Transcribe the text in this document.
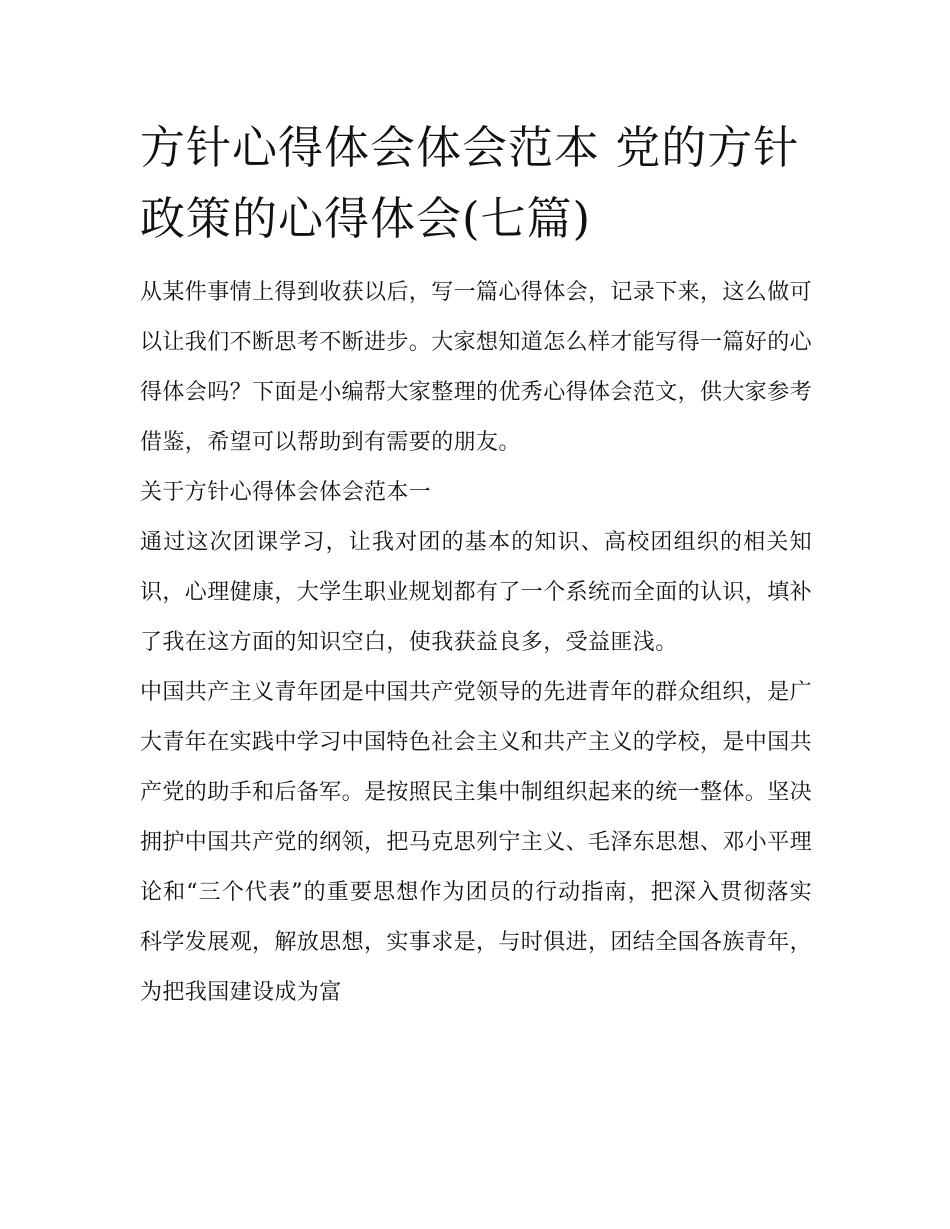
方针心得体会体会范本 党的方针政策的心得体会(七篇)

从某件事情上得到收获以后，写一篇心得体会，记录下来，这么做可以让我们不断思考不断进步。大家想知道怎么样才能写得一篇好的心得体会吗？下面是小编帮大家整理的优秀心得体会范文，供大家参考借鉴，希望可以帮助到有需要的朋友。

关于方针心得体会体会范本一

通过这次团课学习，让我对团的基本的知识、高校团组织的相关知识，心理健康，大学生职业规划都有了一个系统而全面的认识，填补了我在这方面的知识空白，使我获益良多，受益匪浅。

中国共产主义青年团是中国共产党领导的先进青年的群众组织，是广大青年在实践中学习中国特色社会主义和共产主义的学校，是中国共产党的助手和后备军。是按照民主集中制组织起来的统一整体。坚决拥护中国共产党的纲领，把马克思列宁主义、毛泽东思想、邓小平理论和“三个代表”的重要思想作为团员的行动指南，把深入贯彻落实科学发展观，解放思想，实事求是，与时俱进，团结全国各族青年，为把我国建设成为富
